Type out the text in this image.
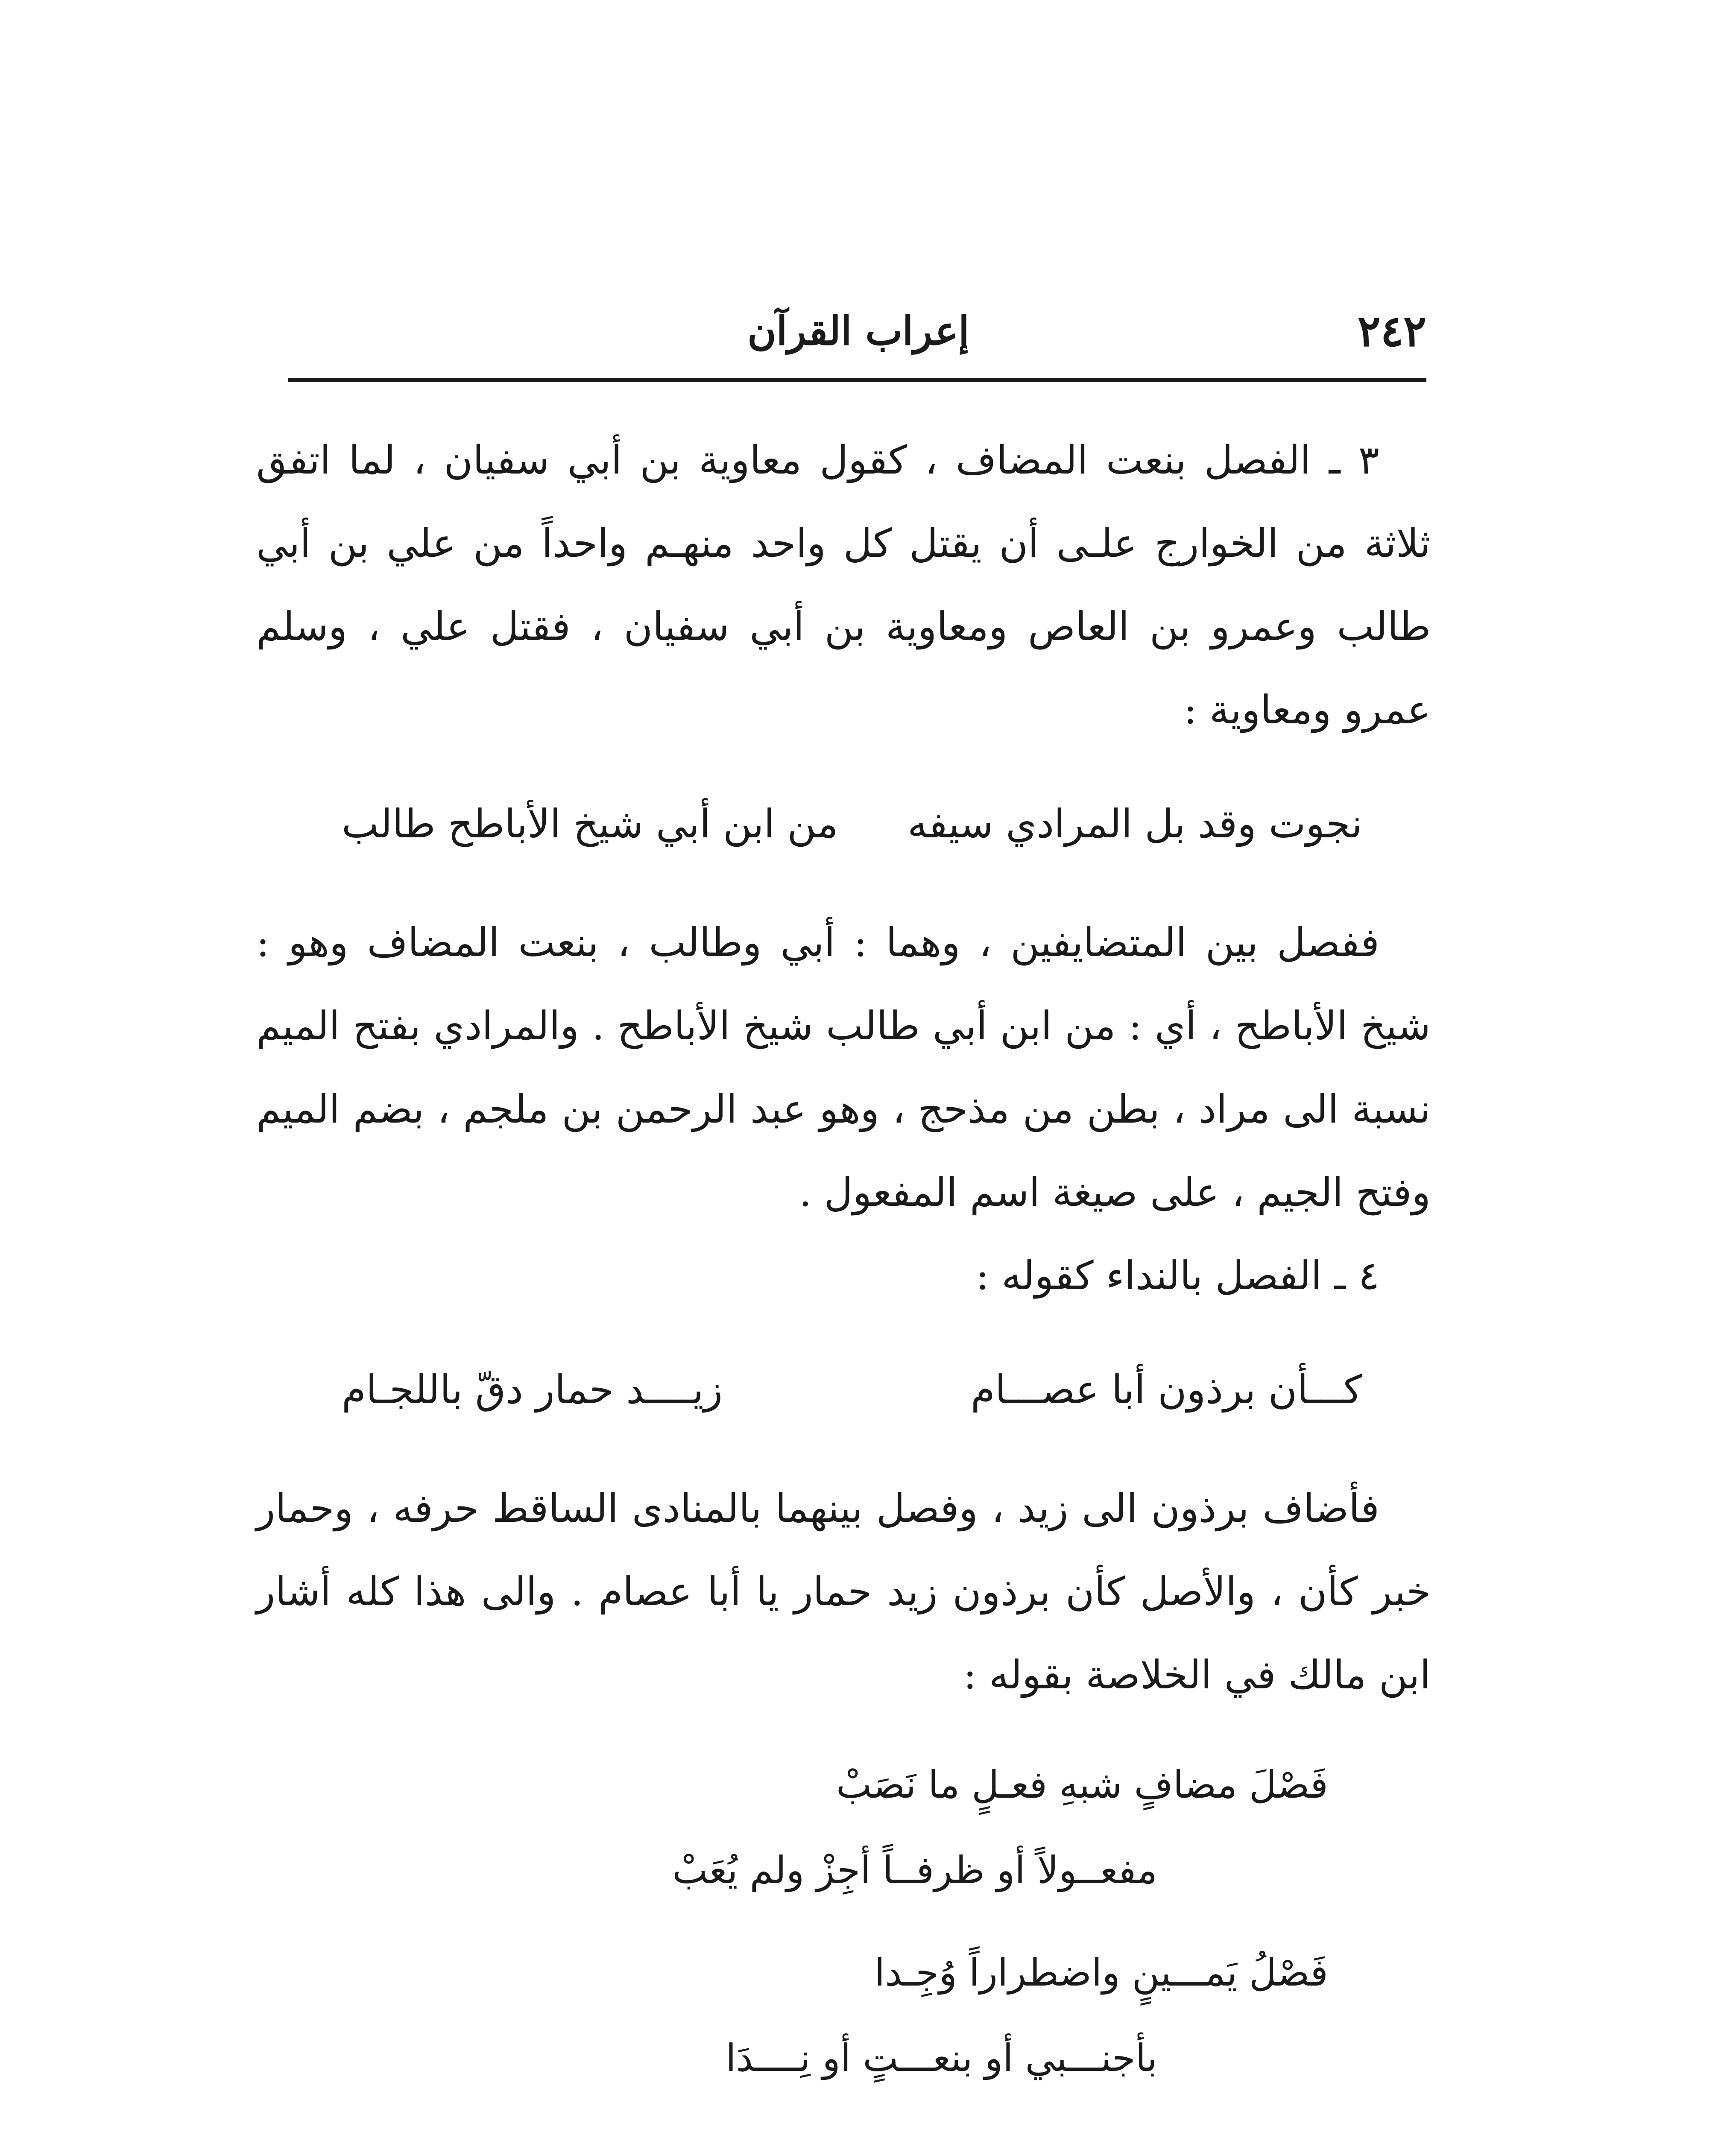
٢٤٢
إعراب القرآن

٣ ـ الفصل بنعت المضاف ، كقول معاوية بن أبي سفيان ، لما اتفق ثلاثة من الخوارج علـى أن يقتل كل واحد منهـم واحداً من علي بن أبي طالب وعمرو بن العاص ومعاوية بن أبي سفيان ، فقتل علي ، وسلم عمرو ومعاوية :

نجوت وقد بل المرادي سيفه
من ابن أبي شيخ الأباطح طالب

ففصل بين المتضايفين ، وهما : أبي وطالب ، بنعت المضاف وهو : شيخ الأباطح ، أي : من ابن أبي طالب شيخ الأباطح . والمرادي بفتح الميم نسبة الى مراد ، بطن من مذحج ، وهو عبد الرحمن بن ملجم ، بضم الميم وفتح الجيم ، على صيغة اسم المفعول .

٤ ـ الفصل بالنداء كقوله :

كـــأن برذون أبا عصـــام
زيــــد حمار دقّ باللجـام

فأضاف برذون الى زيد ، وفصل بينهما بالمنادى الساقط حرفه ، وحمار خبر كأن ، والأصل كأن برذون زيد حمار يا أبا عصام . والى هذا كله أشار ابن مالك في الخلاصة بقوله :

فَصْلَ مضافٍ شبهِ فعـلٍ ما نَصَبْ
مفعــولاً أو ظرفــاً أجِزْ ولم يُعَبْ
فَصْلُ يَمـــينٍ واضطراراً وُجِـدا
بأجنـــبي أو بنعـــتٍ أو نِــــدَا
